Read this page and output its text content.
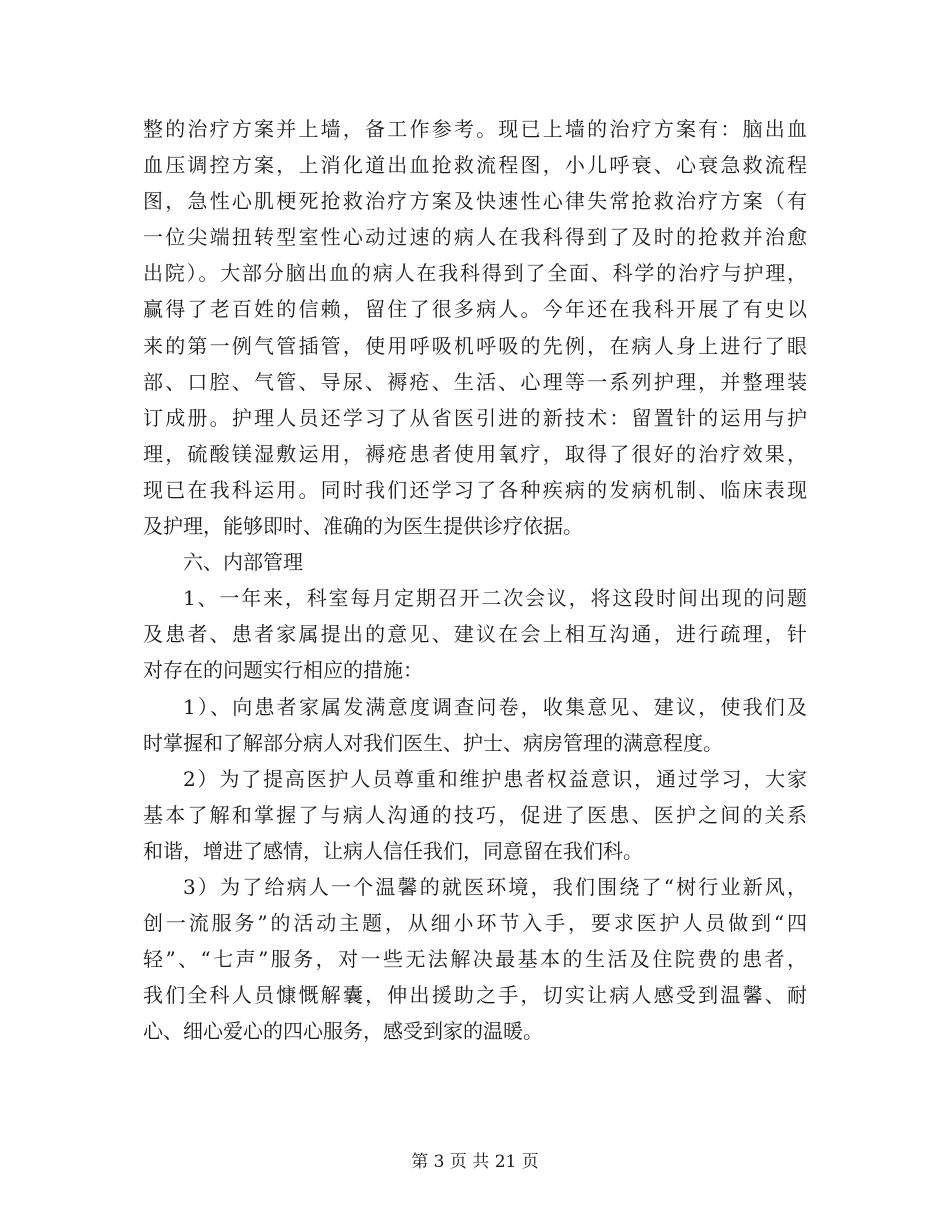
整的治疗方案并上墙，备工作参考。现已上墙的治疗方案有：脑出血
血压调控方案，上消化道出血抢救流程图，小儿呼衰、心衰急救流程
图，急性心肌梗死抢救治疗方案及快速性心律失常抢救治疗方案（有
一位尖端扭转型室性心动过速的病人在我科得到了及时的抢救并治愈
出院）。大部分脑出血的病人在我科得到了全面、科学的治疗与护理，
赢得了老百姓的信赖，留住了很多病人。今年还在我科开展了有史以
来的第一例气管插管，使用呼吸机呼吸的先例，在病人身上进行了眼
部、口腔、气管、导尿、褥疮、生活、心理等一系列护理，并整理装
订成册。护理人员还学习了从省医引进的新技术：留置针的运用与护
理，硫酸镁湿敷运用，褥疮患者使用氧疗，取得了很好的治疗效果，
现已在我科运用。同时我们还学习了各种疾病的发病机制、临床表现
及护理，能够即时、准确的为医生提供诊疗依据。
六、内部管理
1、一年来，科室每月定期召开二次会议，将这段时间出现的问题
及患者、患者家属提出的意见、建议在会上相互沟通，进行疏理，针
对存在的问题实行相应的措施：
1）、向患者家属发满意度调查问卷，收集意见、建议，使我们及
时掌握和了解部分病人对我们医生、护士、病房管理的满意程度。
2）为了提高医护人员尊重和维护患者权益意识，通过学习，大家
基本了解和掌握了与病人沟通的技巧，促进了医患、医护之间的关系
和谐，增进了感情，让病人信任我们，同意留在我们科。
3）为了给病人一个温馨的就医环境，我们围绕了“树行业新风，
创一流服务”的活动主题，从细小环节入手，要求医护人员做到“四
轻”、“七声”服务，对一些无法解决最基本的生活及住院费的患者，
我们全科人员慷慨解囊，伸出援助之手，切实让病人感受到温馨、耐
心、细心爱心的四心服务，感受到家的温暖。
第 3 页 共 21 页
